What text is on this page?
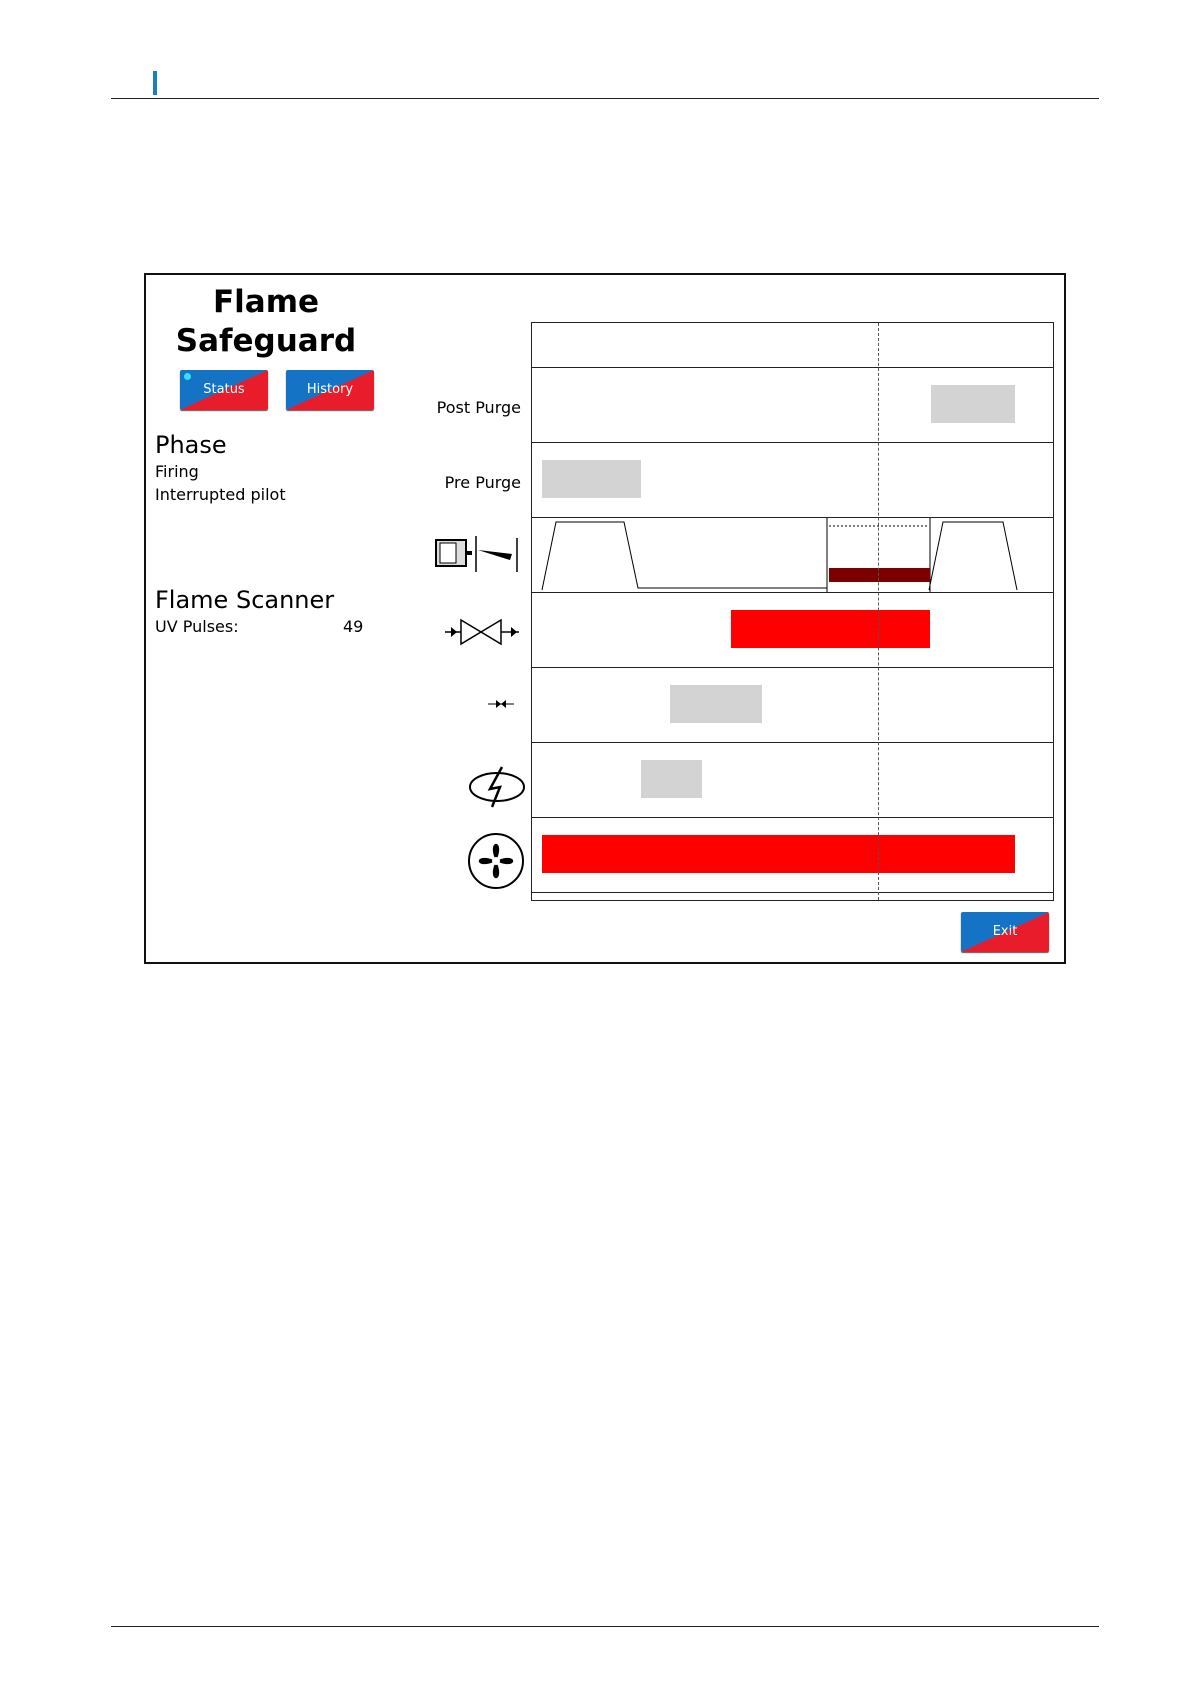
Flame
Safeguard
Status	History
Phase
Firing
Interrupted pilot
Flame Scanner
UV Pulses:	49
Post Purge
Pre Purge
Exit
